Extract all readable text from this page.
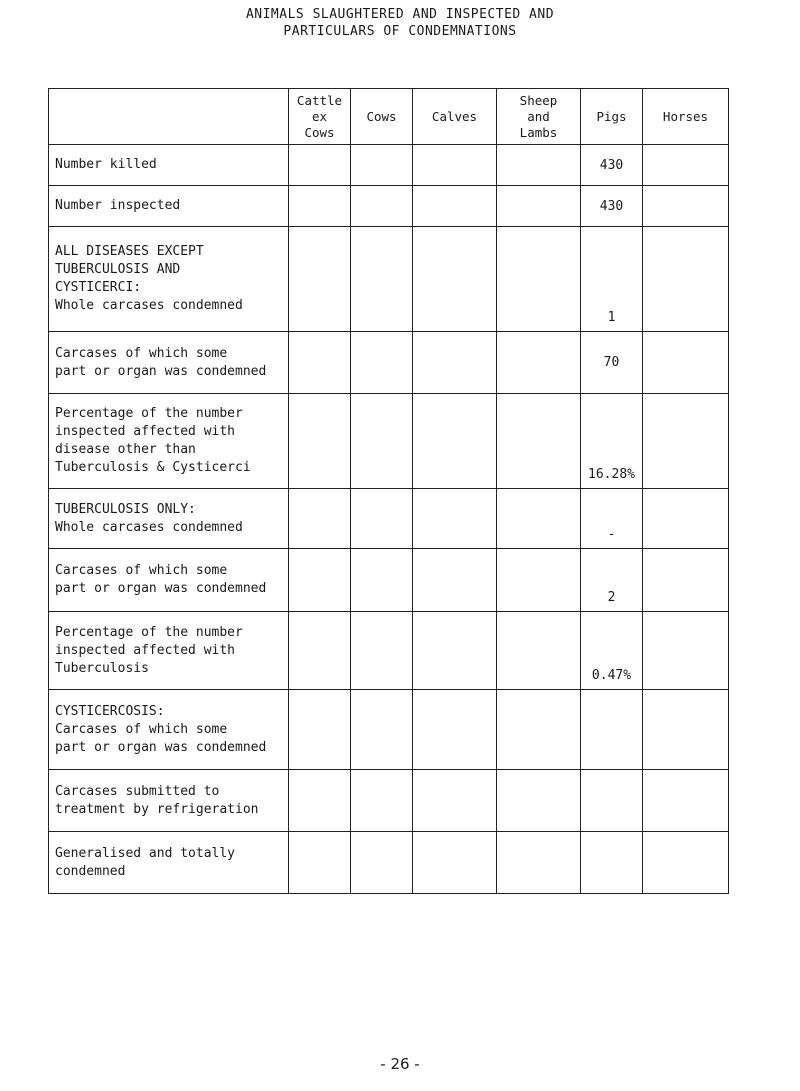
ANIMALS SLAUGHTERED AND INSPECTED AND
PARTICULARS OF CONDEMNATIONS
	Cattle
ex
Cows	Cows	Calves	Sheep
and
Lambs	Pigs	Horses
Number killed					430	
Number inspected					430	
ALL DISEASES EXCEPT
TUBERCULOSIS AND
CYSTICERCI:
Whole carcases condemned					1	
Carcases of which some
part or organ was condemned					70	
Percentage of the number
inspected affected with
disease other than
Tuberculosis & Cysticerci					16.28%	
TUBERCULOSIS ONLY:
Whole carcases condemned					-	
Carcases of which some
part or organ was condemned					2	
Percentage of the number
inspected affected with
Tuberculosis					0.47%	
CYSTICERCOSIS:
Carcases of which some
part or organ was condemned						
Carcases submitted to
treatment by refrigeration						
Generalised and totally
condemned						
- 26 -
